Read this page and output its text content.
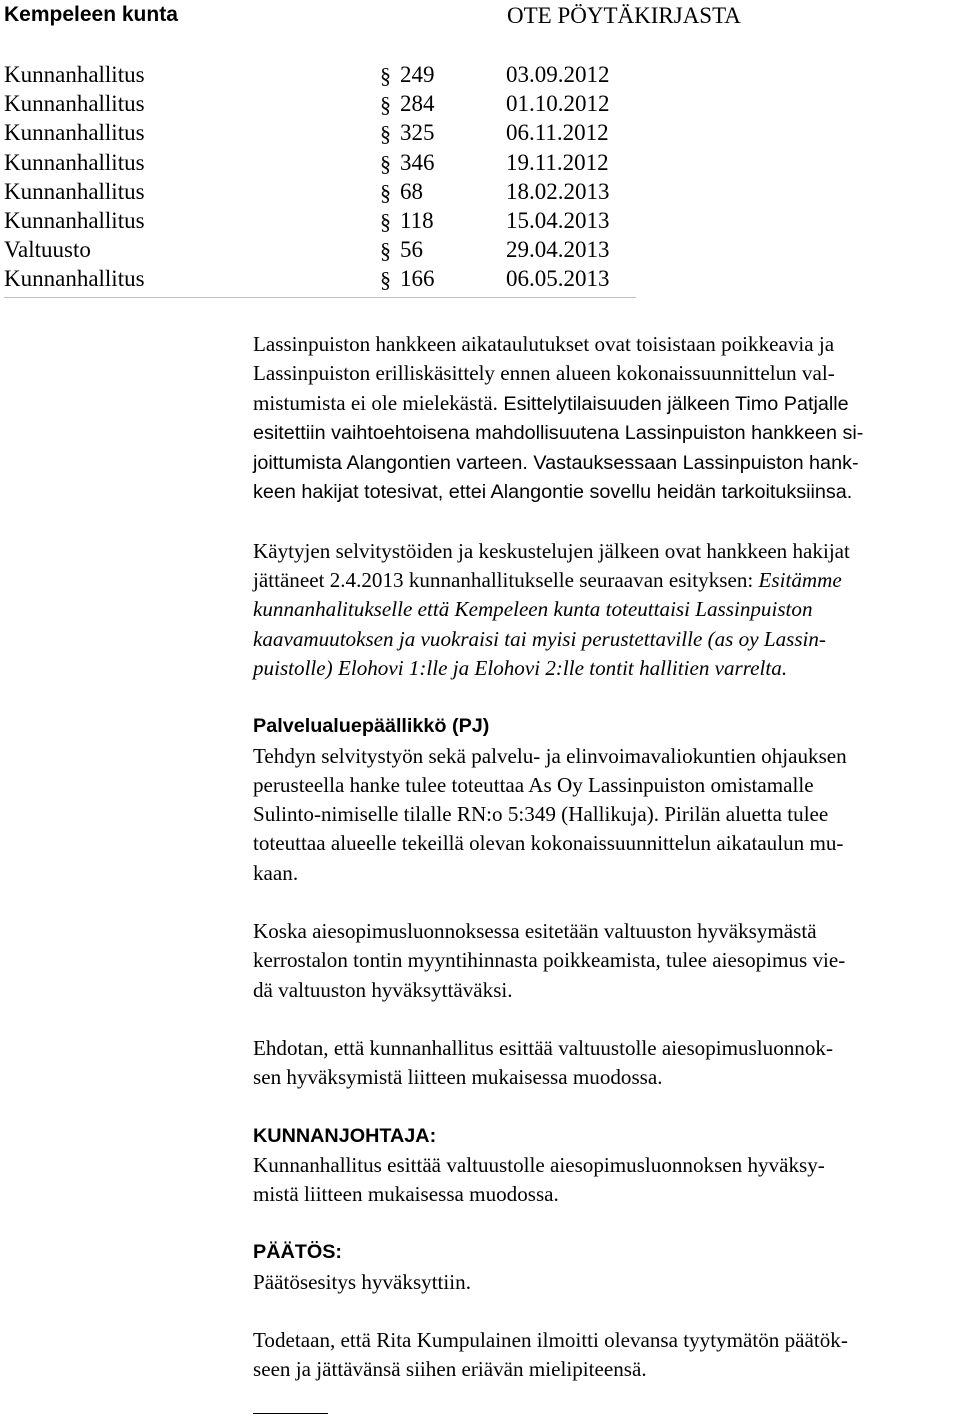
Kempeleen kunta	OTE PÖYTÄKIRJASTA
Kunnanhallitus	§ 249	03.09.2012
Kunnanhallitus	§ 284	01.10.2012
Kunnanhallitus	§ 325	06.11.2012
Kunnanhallitus	§ 346	19.11.2012
Kunnanhallitus	§ 68	18.02.2013
Kunnanhallitus	§ 118	15.04.2013
Valtuusto	§ 56	29.04.2013
Kunnanhallitus	§ 166	06.05.2013

Lassinpuiston hankkeen aikataulutukset ovat toisistaan poikkeavia ja
Lassinpuiston erilliskäsittely ennen alueen kokonaissuunnittelun val-
mistumista ei ole mielekästä. Esittelytilaisuuden jälkeen Timo Patjalle
esitettiin vaihtoehtoisena mahdollisuutena Lassinpuiston hankkeen si-
joittumista Alangontien varteen. Vastauksessaan Lassinpuiston hank-
keen hakijat totesivat, ettei Alangontie sovellu heidän tarkoituksiinsa.

Käytyjen selvitystöiden ja keskustelujen jälkeen ovat hankkeen hakijat
jättäneet 2.4.2013 kunnanhallitukselle seuraavan esityksen: Esitämme
kunnanhalitukselle että Kempeleen kunta toteuttaisi Lassinpuiston
kaavamuutoksen ja vuokraisi tai myisi perustettaville (as oy Lassin-
puistolle) Elohovi 1:lle ja Elohovi 2:lle tontit hallitien varrelta.

Palvelualuepäällikkö (PJ)
Tehdyn selvitystyön sekä palvelu- ja elinvoimavaliokuntien ohjauksen
perusteella hanke tulee toteuttaa As Oy Lassinpuiston omistamalle
Sulinto-nimiselle tilalle RN:o 5:349 (Hallikuja). Pirilän aluetta tulee
toteuttaa alueelle tekeillä olevan kokonaissuunnittelun aikataulun mu-
kaan.

Koska aiesopimusluonnoksessa esitetään valtuuston hyväksymästä
kerrostalon tontin myyntihinnasta poikkeamista, tulee aiesopimus vie-
dä valtuuston hyväksyttäväksi.

Ehdotan, että kunnanhallitus esittää valtuustolle aiesopimusluonnok-
sen hyväksymistä liitteen mukaisessa muodossa.

KUNNANJOHTAJA:
Kunnanhallitus esittää valtuustolle aiesopimusluonnoksen hyväksy-
mistä liitteen mukaisessa muodossa.

PÄÄTÖS:
Päätösesitys hyväksyttiin.

Todetaan, että Rita Kumpulainen ilmoitti olevansa tyytymätön päätök-
seen ja jättävänsä siihen eriävän mielipiteensä.
